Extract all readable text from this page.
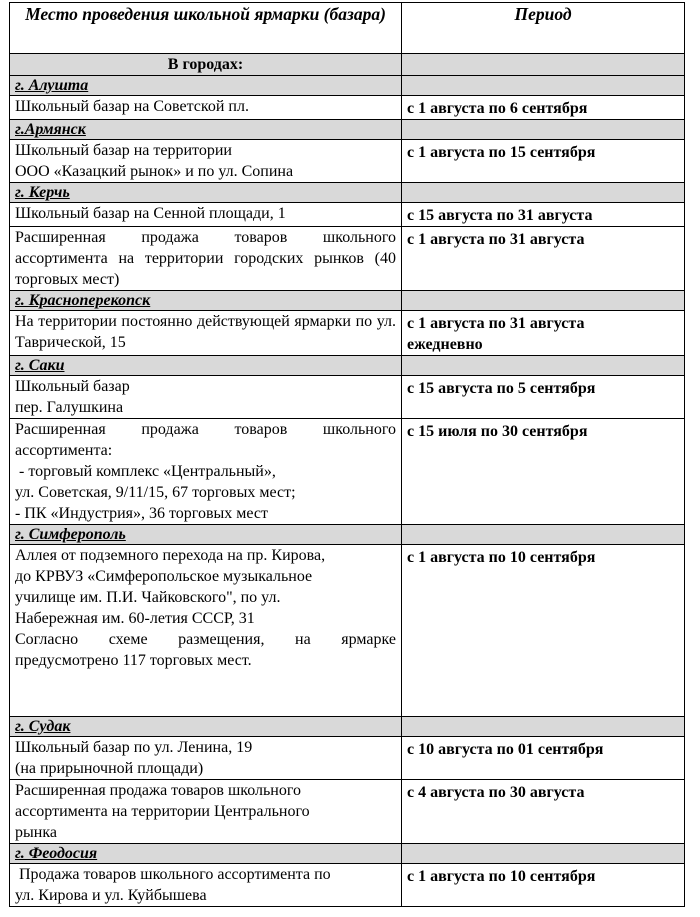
Место проведения школьной ярмарки (базара)	Период
В городах:	
г. Алушта	

Школьный базар на Советской пл.	с 1 августа по 6 сентября

г.Армянск	

Школьный базар на территории
ООО «Казацкий рынок» и по ул. Сопина	с 1 августа по 15 сентября

г. Керчь	

Школьный базар на Сенной площади, 1	с 15 августа по 31 августа

Расширенная продажа товаров школьного ассортимента на территории городских рынков (40 торговых мест)	с 1 августа по 31 августа

г. Красноперекопск	

На территории постоянно действующей ярмарки по ул. Таврической, 15	с 1 августа по 31 августа
ежедневно

г. Саки	

Школьный базар
пер. Галушкина	с 15 августа по 5 сентября

Расширенная продажа товаров школьного ассортимента:
- торговый комплекс «Центральный»,
ул. Советская, 9/11/15, 67 торговых мест;
- ПК «Индустрия», 36 торговых мест	с 15 июля по 30 сентября

г. Симферополь	

Аллея от подземного перехода на пр. Кирова,
до КРВУЗ «Симферопольское музыкальное
училище им. П.И. Чайковского", по ул.
Набережная им. 60-летия СССР, 31
Согласно схеме размещения, на ярмарке предусмотрено 117 торговых мест.	с 1 августа по 10 сентября

г. Судак	

Школьный базар по ул. Ленина, 19
(на прирыночной площади)	с 10 августа по 01 сентября

Расширенная продажа товаров школьного
ассортимента на территории Центрального
рынка	с 4 августа по 30 августа

г. Феодосия	

Продажа товаров школьного ассортимента по
ул. Кирова и ул. Куйбышева	с 1 августа по 10 сентября
